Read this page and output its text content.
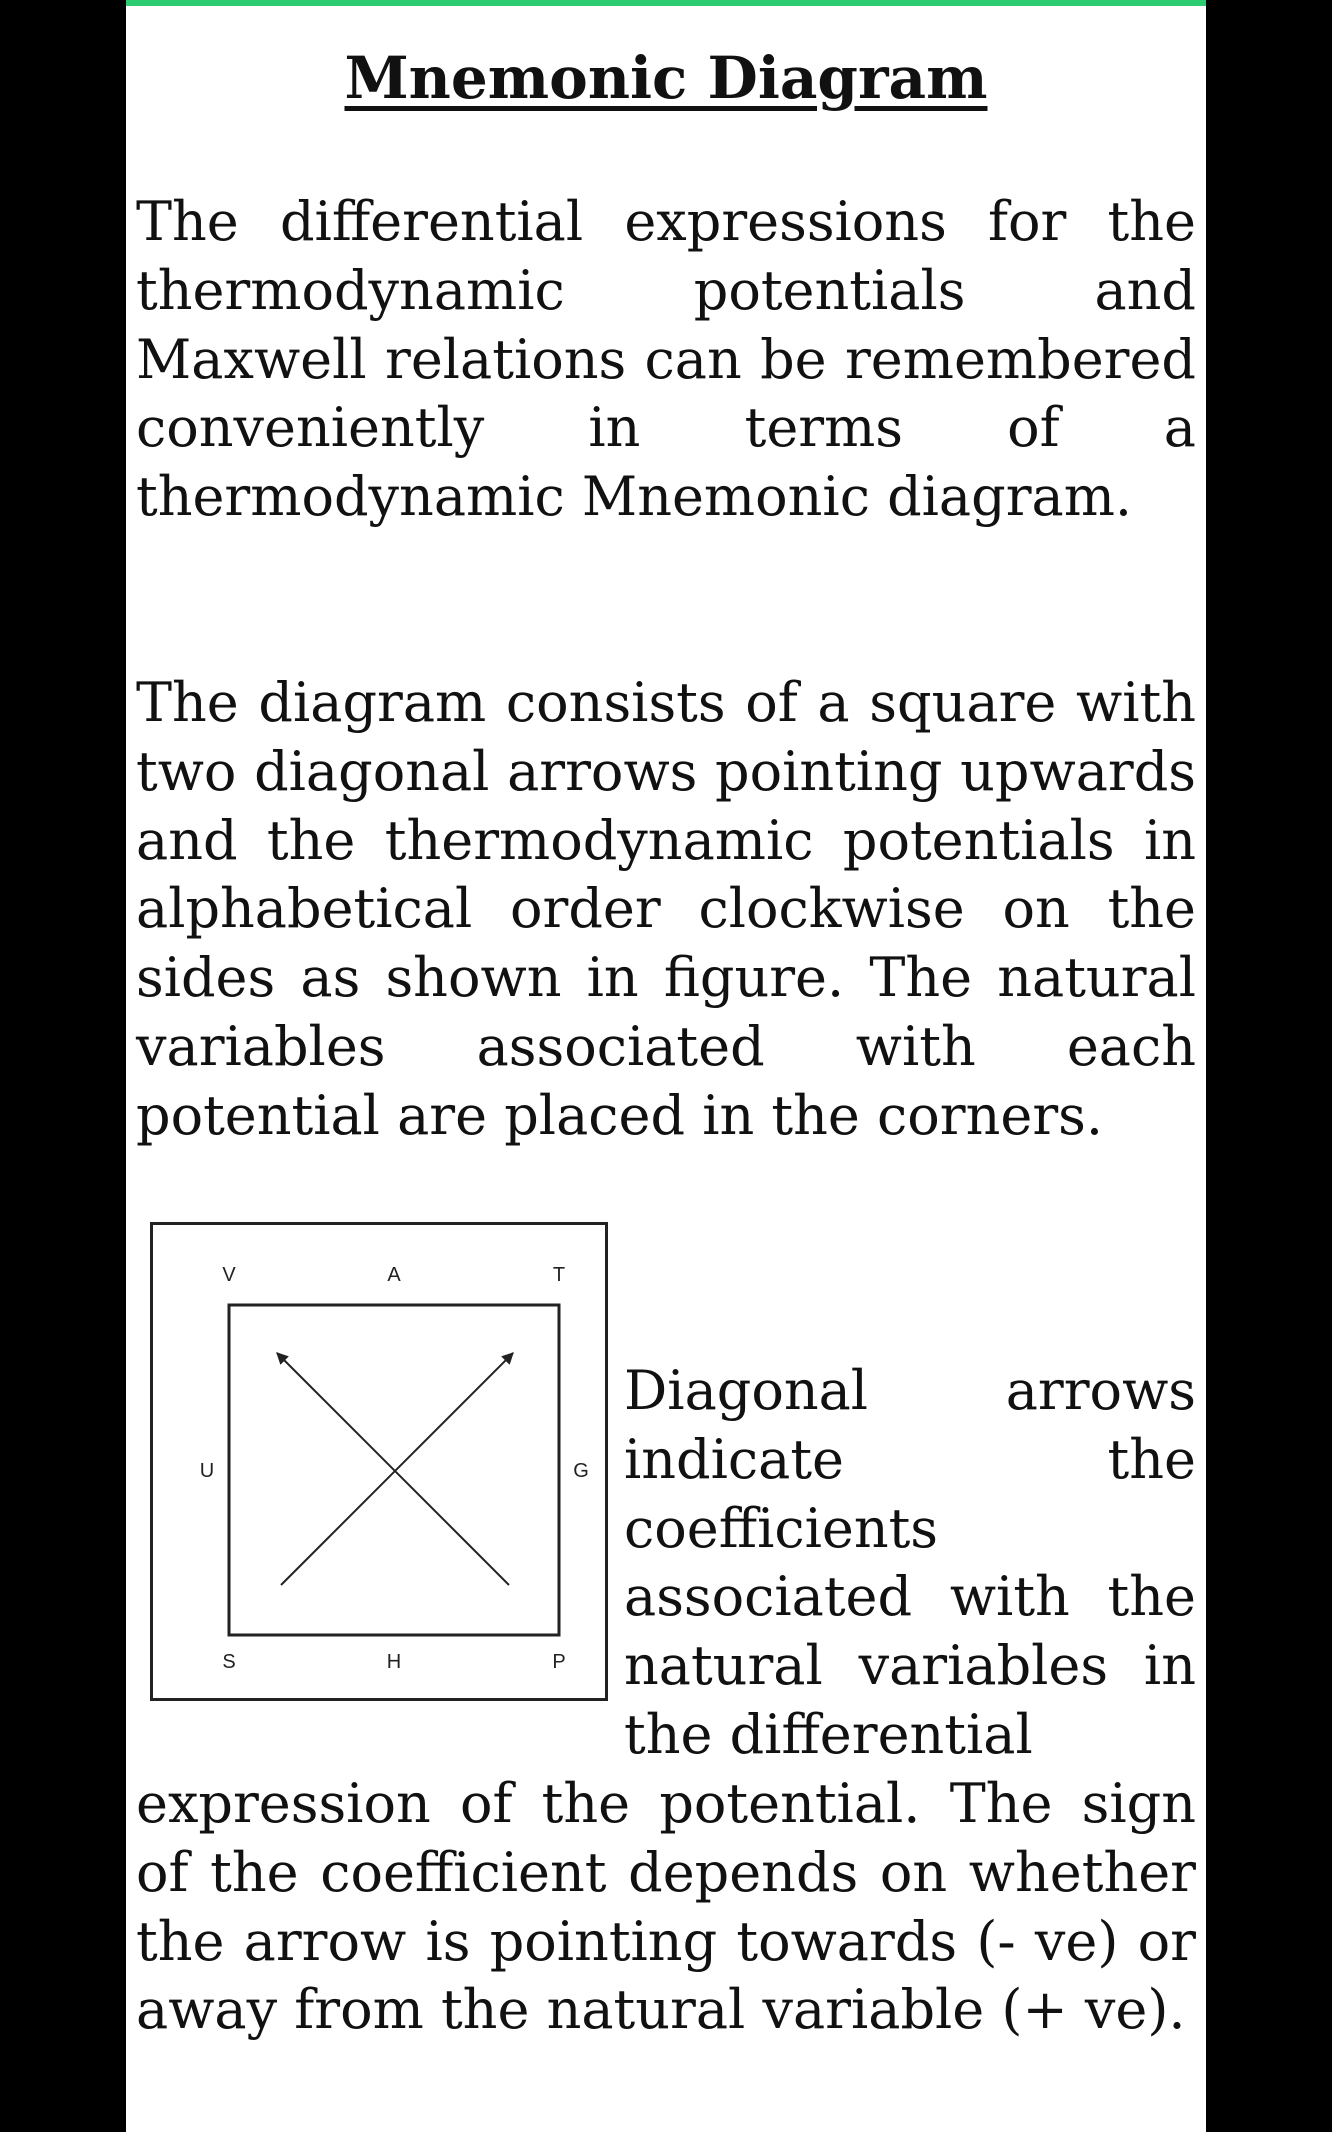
Mnemonic Diagram

The differential expressions for the thermodynamic potentials and Maxwell relations can be remembered conveniently in terms of a thermodynamic Mnemonic diagram.

The diagram consists of a square with two diagonal arrows pointing upwards and the thermodynamic potentials in alphabetical order clockwise on the sides as shown in figure. The natural variables associated with each potential are placed in the corners.

V	A	T
U	G
S	H	P

Diagonal arrows indicate the coefficients associated with the natural variables in the differential

expression of the potential. The sign of the coefficient depends on whether the arrow is pointing towards (- ve) or away from the natural variable (+ ve).
